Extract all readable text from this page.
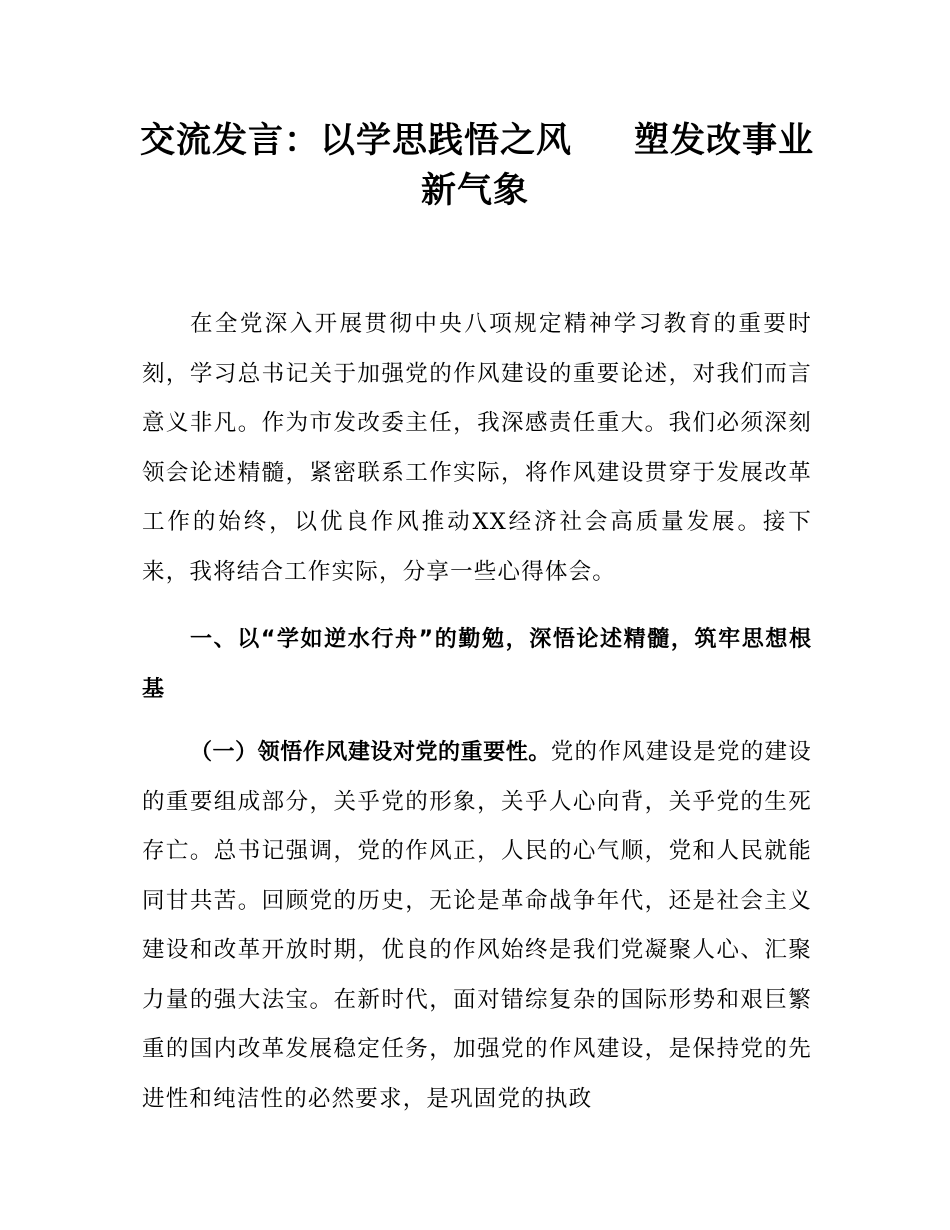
交流发言：以学思践悟之风 塑发改事业
新气象
在全党深入开展贯彻中央八项规定精神学习教育的重要时刻，学习总书记关于加强党的作风建设的重要论述，对我们而言意义非凡。作为市发改委主任，我深感责任重大。我们必须深刻领会论述精髓，紧密联系工作实际，将作风建设贯穿于发展改革工作的始终，以优良作风推动XX经济社会高质量发展。接下来，我将结合工作实际，分享一些心得体会。
一、以“学如逆水行舟”的勤勉，深悟论述精髓，筑牢思想根基
（一）领悟作风建设对党的重要性。党的作风建设是党的建设的重要组成部分，关乎党的形象，关乎人心向背，关乎党的生死存亡。总书记强调，党的作风正，人民的心气顺，党和人民就能同甘共苦。回顾党的历史，无论是革命战争年代，还是社会主义建设和改革开放时期，优良的作风始终是我们党凝聚人心、汇聚力量的强大法宝。在新时代，面对错综复杂的国际形势和艰巨繁重的国内改革发展稳定任务，加强党的作风建设，是保持党的先进性和纯洁性的必然要求，是巩固党的执政
